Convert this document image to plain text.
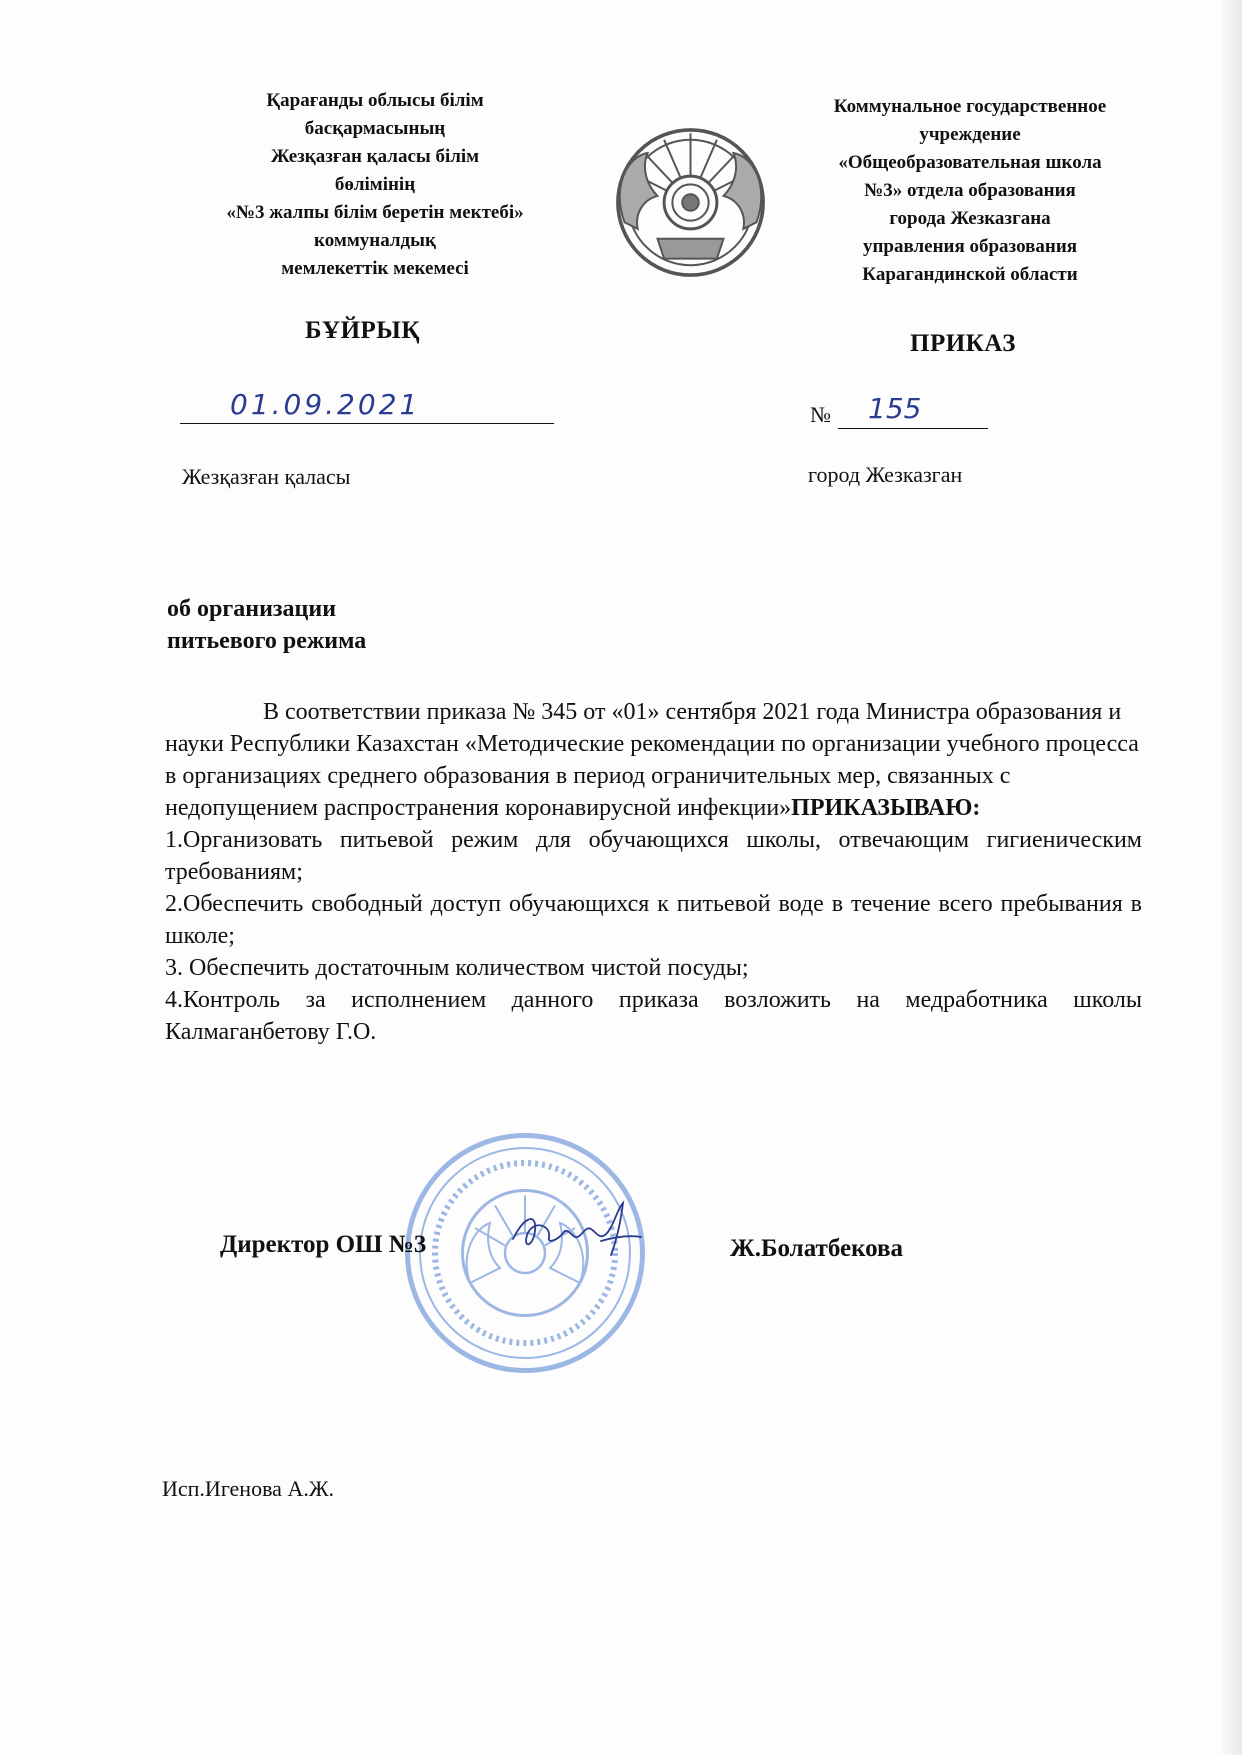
Қарағанды облысы білім
басқармасының
Жезқазған қаласы білім
бөлімінің
«№3 жалпы білім беретін мектебі»
коммуналдық
мемлекеттік мекемесі
Коммунальное государственное
учреждение
«Общеобразовательная школа
№3» отдела образования
города Жезказгана
управления образования
Карагандинской области
БҰЙРЫҚ	ПРИКАЗ
01.09.2021	№ 155
Жезқазған қаласы	город Жезказган
об организации
питьевого режима
В соответствии приказа № 345 от «01» сентября 2021 года Министра образования и науки Республики Казахстан «Методические рекомендации по организации учебного процесса в организациях среднего образования в период ограничительных мер, связанных с недопущением распространения коронавирусной инфекции»ПРИКАЗЫВАЮ:
1.Организовать питьевой режим для обучающихся школы, отвечающим гигиеническим требованиям;
2.Обеспечить свободный доступ обучающихся к питьевой воде в течение всего пребывания в школе;
3. Обеспечить достаточным количеством чистой посуды;
4.Контроль за исполнением данного приказа возложить на медработника школы Калмаганбетову Г.О.
Директор ОШ №3	Ж.Болатбекова
Исп.Игенова А.Ж.
